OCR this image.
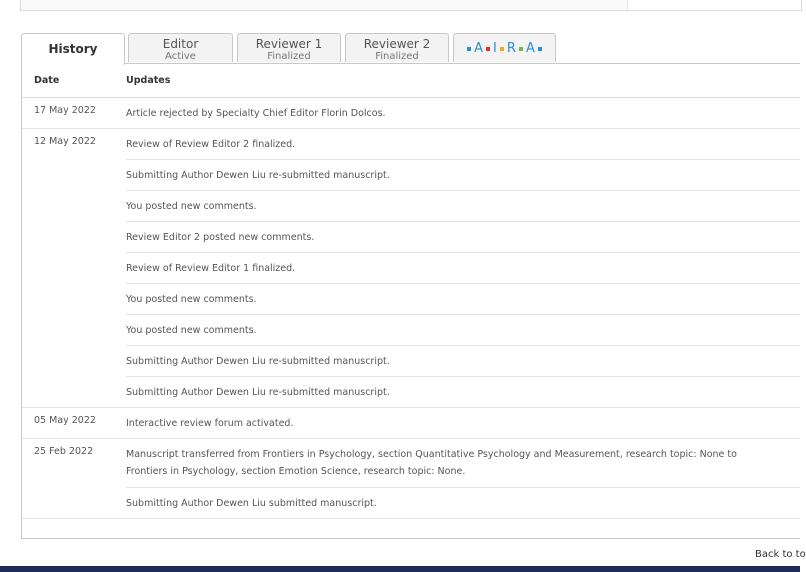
History	Editor
Active
Reviewer 1
Finalized
Reviewer 2
Finalized
A I R A
Date	Updates
17 May 2022	Article rejected by Specialty Chief Editor Florin Dolcos.
12 May 2022	Review of Review Editor 2 finalized.
	Submitting Author Dewen Liu re-submitted manuscript.
	You posted new comments.
	Review Editor 2 posted new comments.
	Review of Review Editor 1 finalized.
	You posted new comments.
	You posted new comments.
	Submitting Author Dewen Liu re-submitted manuscript.
	Submitting Author Dewen Liu re-submitted manuscript.
05 May 2022	Interactive review forum activated.
25 Feb 2022	Manuscript transferred from Frontiers in Psychology, section Quantitative Psychology and Measurement, research topic: None to Frontiers in Psychology, section Emotion Science, research topic: None.
	Submitting Author Dewen Liu submitted manuscript.
Back to to
